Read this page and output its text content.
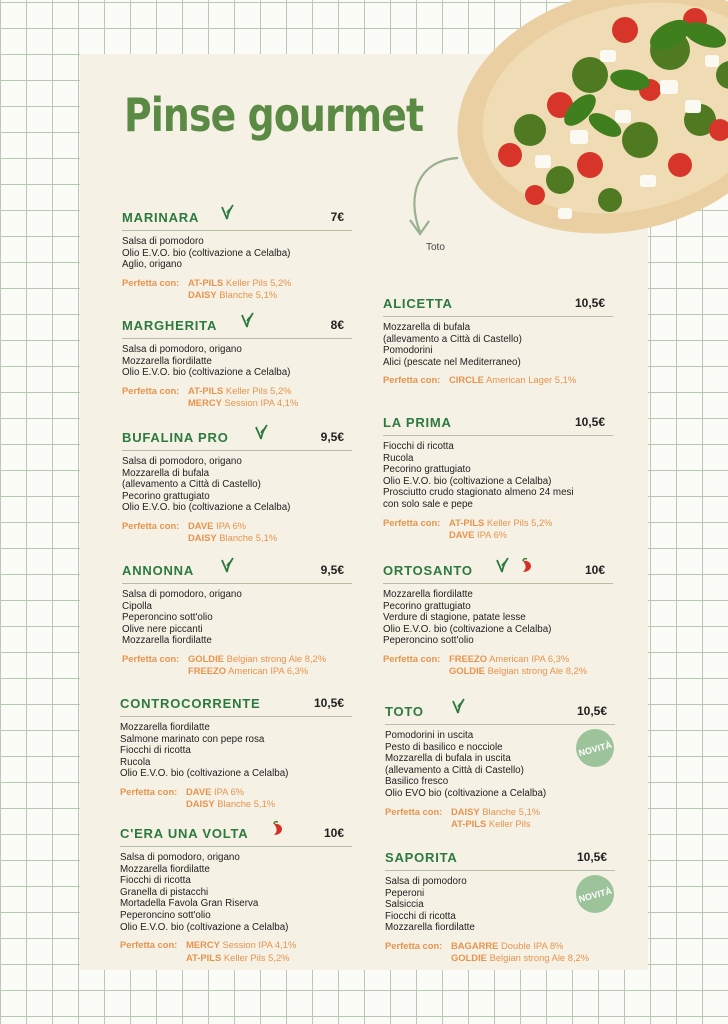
Pinse gourmet
Toto
MARINARA	7€
Salsa di pomodoro
Olio E.V.O. bio (coltivazione a Celalba)
Aglio, origano
Perfetta con: AT-PILS Keller Pils 5,2%
DAISY Blanche 5,1%
MARGHERITA	8€
Salsa di pomodoro, origano
Mozzarella fiordilatte
Olio E.V.O. bio (coltivazione a Celalba)
Perfetta con: AT-PILS Keller Pils 5,2%
MERCY Session IPA 4,1%
BUFALINA PRO	9,5€
Salsa di pomodoro, origano
Mozzarella di bufala
(allevamento a Città di Castello)
Pecorino grattugiato
Olio E.V.O. bio (coltivazione a Celalba)
Perfetta con: DAVE IPA 6%
DAISY Blanche 5,1%
ANNONNA	9,5€
Salsa di pomodoro, origano
Cipolla
Peperoncino sott'olio
Olive nere piccanti
Mozzarella fiordilatte
Perfetta con: GOLDIE Belgian strong Ale 8,2%
FREEZO American IPA 6,3%
CONTROCORRENTE	10,5€
Mozzarella fiordilatte
Salmone marinato con pepe rosa
Fiocchi di ricotta
Rucola
Olio E.V.O. bio (coltivazione a Celalba)
Perfetta con: DAVE IPA 6%
DAISY Blanche 5,1%
C'ERA UNA VOLTA	10€
Salsa di pomodoro, origano
Mozzarella fiordilatte
Fiocchi di ricotta
Granella di pistacchi
Mortadella Favola Gran Riserva
Peperoncino sott'olio
Olio E.V.O. bio (coltivazione a Celalba)
Perfetta con: MERCY Session IPA 4,1%
AT-PILS Keller Pils 5,2%
ALICETTA	10,5€
Mozzarella di bufala
(allevamento a Città di Castello)
Pomodorini
Alici (pescate nel Mediterraneo)
Perfetta con: CIRCLE American Lager 5,1%
LA PRIMA	10,5€
Fiocchi di ricotta
Rucola
Pecorino grattugiato
Olio E.V.O. bio (coltivazione a Celalba)
Prosciutto crudo stagionato almeno 24 mesi
con solo sale e pepe
Perfetta con: AT-PILS Keller Pils 5,2%
DAVE IPA 6%
ORTOSANTO	10€
Mozzarella fiordilatte
Pecorino grattugiato
Verdure di stagione, patate lesse
Olio E.V.O. bio (coltivazione a Celalba)
Peperoncino sott'olio
Perfetta con: FREEZO American IPA 6,3%
GOLDIE Belgian strong Ale 8,2%
TOTO	10,5€
Pomodorini in uscita
Pesto di basilico e nocciole
Mozzarella di bufala in uscita
(allevamento a Città di Castello)
Basilico fresco
Olio EVO bio (coltivazione a Celalba)
Perfetta con: DAISY Blanche 5,1%
AT-PILS Keller Pils
SAPORITA	10,5€
Salsa di pomodoro
Peperoni
Salsiccia
Fiocchi di ricotta
Mozzarella fiordilatte
Perfetta con: BAGARRE Double IPA 8%
GOLDIE Belgian strong Ale 8,2%
NOVITÀ
NOVITÀ
